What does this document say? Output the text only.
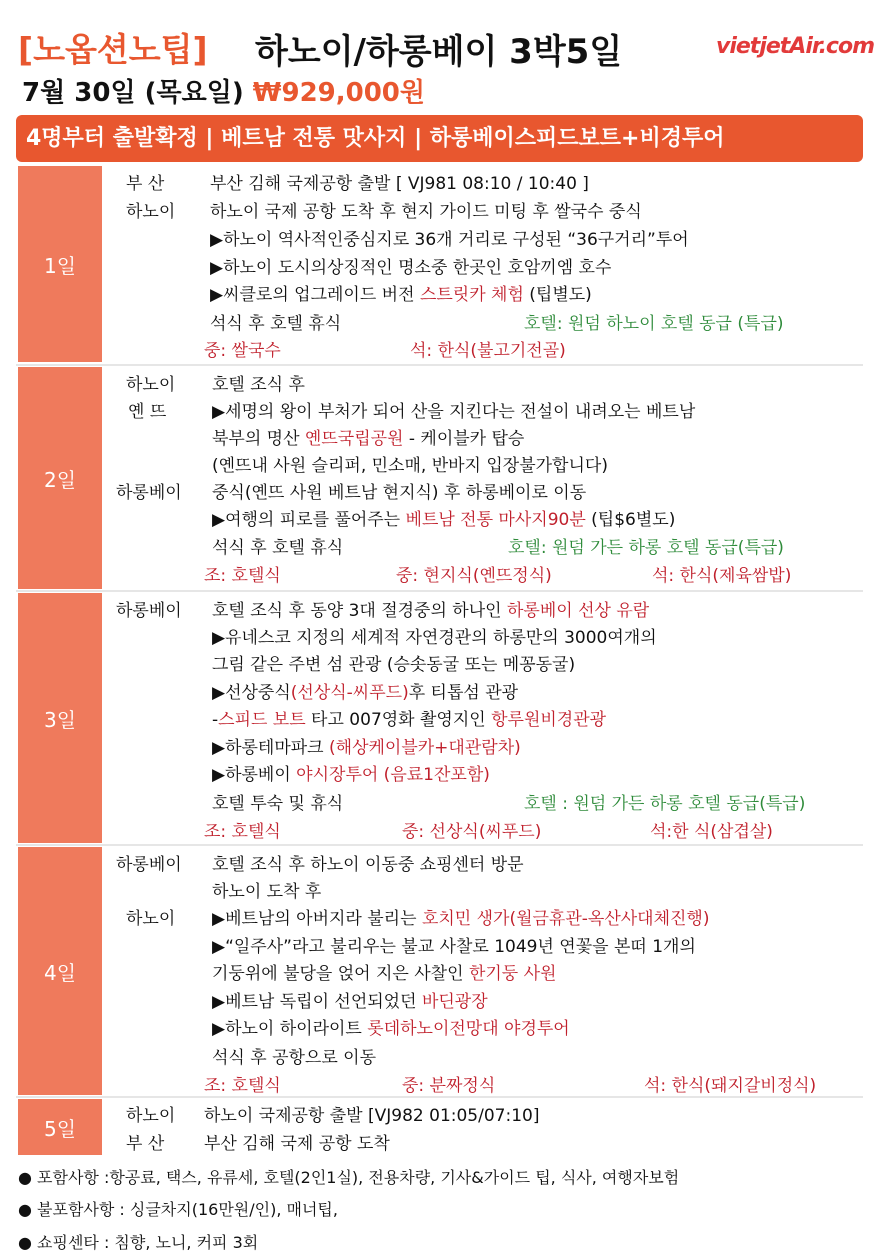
[노옵션노팁] 하노이/하롱베이 3박5일	vietjetAir.com
7월 30일 (목요일) ₩929,000원
4명부터 출발확정 | 베트남 전통 맛사지 | 하롱베이스피드보트+비경투어
1일
부 산	부산 김해 국제공항 출발 [ VJ981 08:10 / 10:40 ]
하노이 하노이 국제 공항 도착 후 현지 가이드 미팅 후 쌀국수 중식
▶하노이 역사적인중심지로 36개 거리로 구성된 “36구거리”투어
▶하노이 도시의상징적인 명소중 한곳인 호암끼엠 호수
▶씨클로의 업그레이드 버전 스트릿카 체험 (팁별도)
석식 후 호텔 휴식	호텔: 원덤 하노이 호텔 동급 (특급)
중: 쌀국수	석: 한식(불고기전골)
2일
하노이 호텔 조식 후
옌 뜨	▶세명의 왕이 부처가 되어 산을 지킨다는 전설이 내려오는 베트남
북부의 명산 옌뜨국립공원 - 케이블카 탑승
(옌뜨내 사원 슬리퍼, 민소매, 반바지 입장불가합니다)
하롱베이 중식(옌뜨 사원 베트남 현지식) 후 하롱베이로 이동
▶여행의 피로를 풀어주는 베트남 전통 마사지90분 (팁$6별도)
석식 후 호텔 휴식	호텔: 원덤 가든 하롱 호텔 동급(특급)
조: 호텔식	중: 현지식(옌뜨정식)	석: 한식(제육쌈밥)
3일
하롱베이 호텔 조식 후 동양 3대 절경중의 하나인 하롱베이 선상 유람
▶유네스코 지정의 세계적 자연경관의 하롱만의 3000여개의
그림 같은 주변 섬 관광 (승솟동굴 또는 메꽁동굴)
▶선상중식(선상식-씨푸드)후 티톱섬 관광
-스피드 보트 타고 007영화 촬영지인 항루원비경관광
▶하롱테마파크 (해상케이블카+대관람차)
▶하롱베이 야시장투어 (음료1잔포함)
호텔 투숙 및 휴식	호텔 : 원덤 가든 하롱 호텔 동급(특급)
조: 호텔식	중: 선상식(씨푸드)	석:한 식(삼겹살)
4일
하롱베이 호텔 조식 후 하노이 이동중 쇼핑센터 방문
하노이 도착 후
하노이 ▶베트남의 아버지라 불리는 호치민 생가(월금휴관-옥산사대체진행)
▶“일주사”라고 불리우는 불교 사찰로 1049년 연꽃을 본떠 1개의
기둥위에 불당을 얹어 지은 사찰인 한기둥 사원
▶베트남 독립이 선언되었던 바딘광장
▶하노이 하이라이트 롯데하노이전망대 야경투어
석식 후 공항으로 이동
조: 호텔식	중: 분짜정식	석: 한식(돼지갈비정식)
5일
하노이 하노이 국제공항 출발 [VJ982 01:05/07:10]
부 산 부산 김해 국제 공항 도착
● 포함사항 :항공료, 택스, 유류세, 호텔(2인1실), 전용차량, 기사&가이드 팁, 식사, 여행자보험
● 불포함사항 : 싱글차지(16만원/인), 매너팁,
● 쇼핑센타 : 침향, 노니, 커피 3회
